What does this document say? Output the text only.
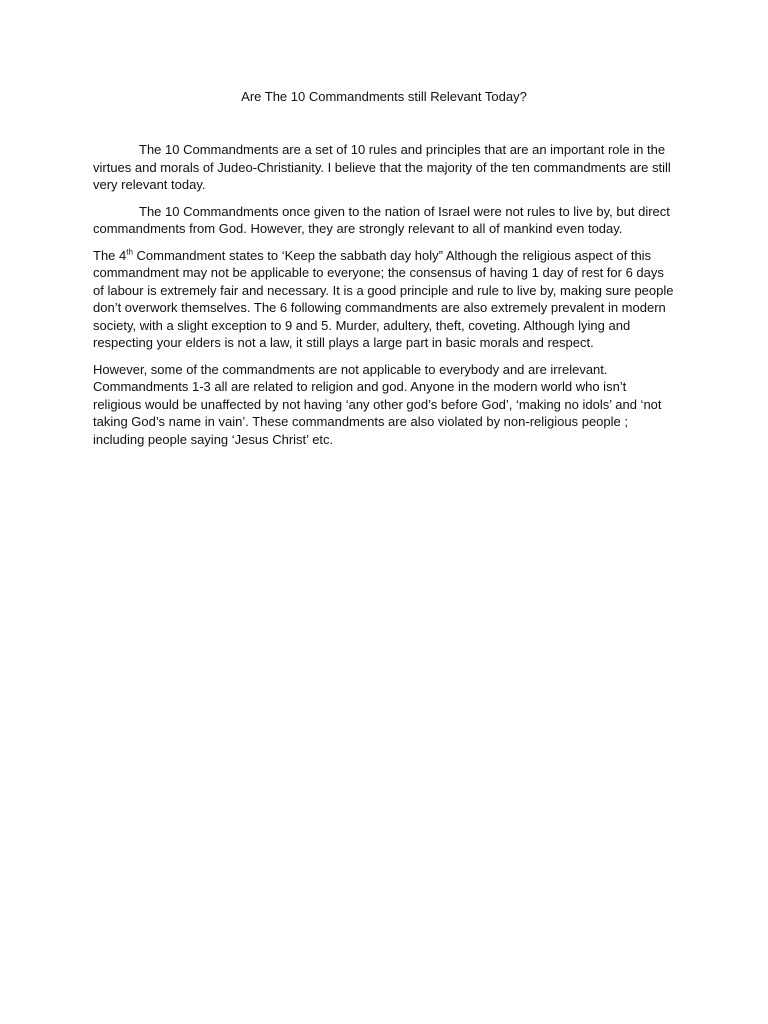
Are The 10 Commandments still Relevant Today?

The 10 Commandments are a set of 10 rules and principles that are an important role in the virtues and morals of Judeo-Christianity. I believe that the majority of the ten commandments are still very relevant today.

The 10 Commandments once given to the nation of Israel were not rules to live by, but direct commandments from God. However, they are strongly relevant to all of mankind even today.

The 4th Commandment states to ‘Keep the sabbath day holy” Although the religious aspect of this commandment may not be applicable to everyone; the consensus of having 1 day of rest for 6 days of labour is extremely fair and necessary. It is a good principle and rule to live by, making sure people don’t overwork themselves. The 6 following commandments are also extremely prevalent in modern society, with a slight exception to 9 and 5. Murder, adultery, theft, coveting. Although lying and respecting your elders is not a law, it still plays a large part in basic morals and respect.

However, some of the commandments are not applicable to everybody and are irrelevant. Commandments 1-3 all are related to religion and god. Anyone in the modern world who isn’t religious would be unaffected by not having ‘any other god’s before God’, ‘making no idols’ and ‘not taking God’s name in vain’. These commandments are also violated by non-religious people ; including people saying ‘Jesus Christ’ etc.
